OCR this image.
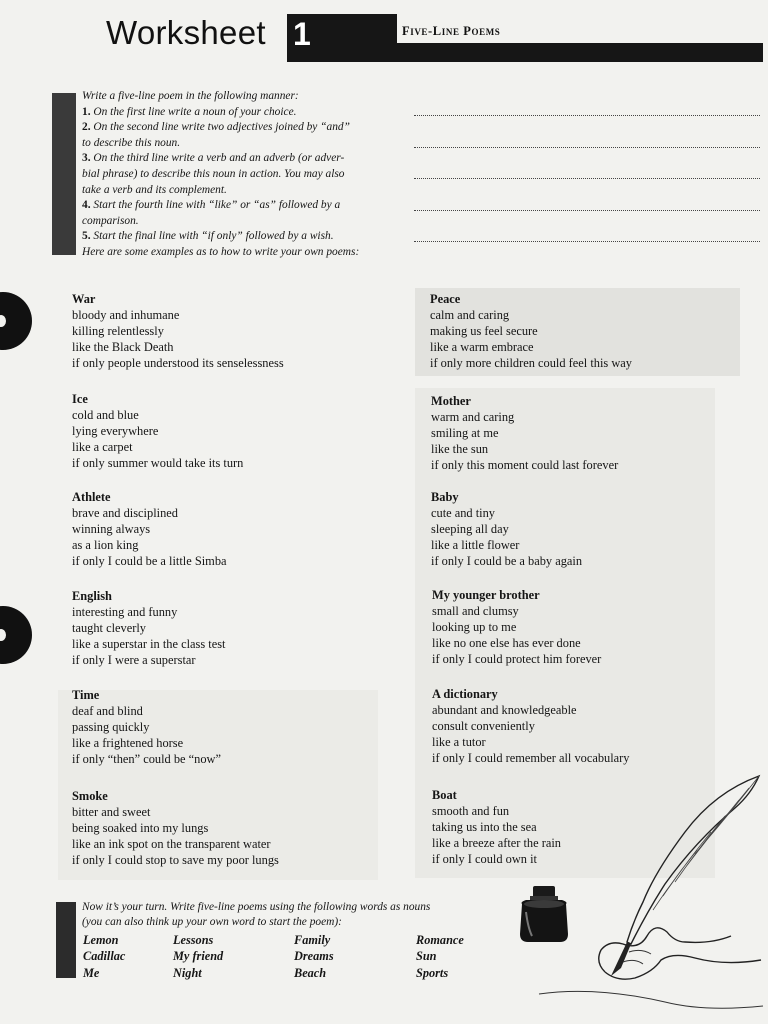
Worksheet 1	Five-Line Poems
Write a five-line poem in the following manner:
1. On the first line write a noun of your choice.
2. On the second line write two adjectives joined by “and”
to describe this noun.
3. On the third line write a verb and an adverb (or adver-
bial phrase) to describe this noun in action. You may also
take a verb and its complement.
4. Start the fourth line with “like” or “as” followed by a
comparison.
5. Start the final line with “if only” followed by a wish.
Here are some examples as to how to write your own poems:
War
bloody and inhumane
killing relentlessly
like the Black Death
if only people understood its senselessness
Ice
cold and blue
lying everywhere
like a carpet
if only summer would take its turn
Athlete
brave and disciplined
winning always
as a lion king
if only I could be a little Simba
English
interesting and funny
taught cleverly
like a superstar in the class test
if only I were a superstar
Time
deaf and blind
passing quickly
like a frightened horse
if only “then” could be “now”
Smoke
bitter and sweet
being soaked into my lungs
like an ink spot on the transparent water
if only I could stop to save my poor lungs
Peace
calm and caring
making us feel secure
like a warm embrace
if only more children could feel this way
Mother
warm and caring
smiling at me
like the sun
if only this moment could last forever
Baby
cute and tiny
sleeping all day
like a little flower
if only I could be a baby again
My younger brother
small and clumsy
looking up to me
like no one else has ever done
if only I could protect him forever
A dictionary
abundant and knowledgeable
consult conveniently
like a tutor
if only I could remember all vocabulary
Boat
smooth and fun
taking us into the sea
like a breeze after the rain
if only I could own it
Now it’s your turn. Write five-line poems using the following words as nouns
(you can also think up your own word to start the poem):
Lemon	Lessons	Family	Romance
Cadillac	My friend	Dreams	Sun
Me	Night	Beach	Sports
